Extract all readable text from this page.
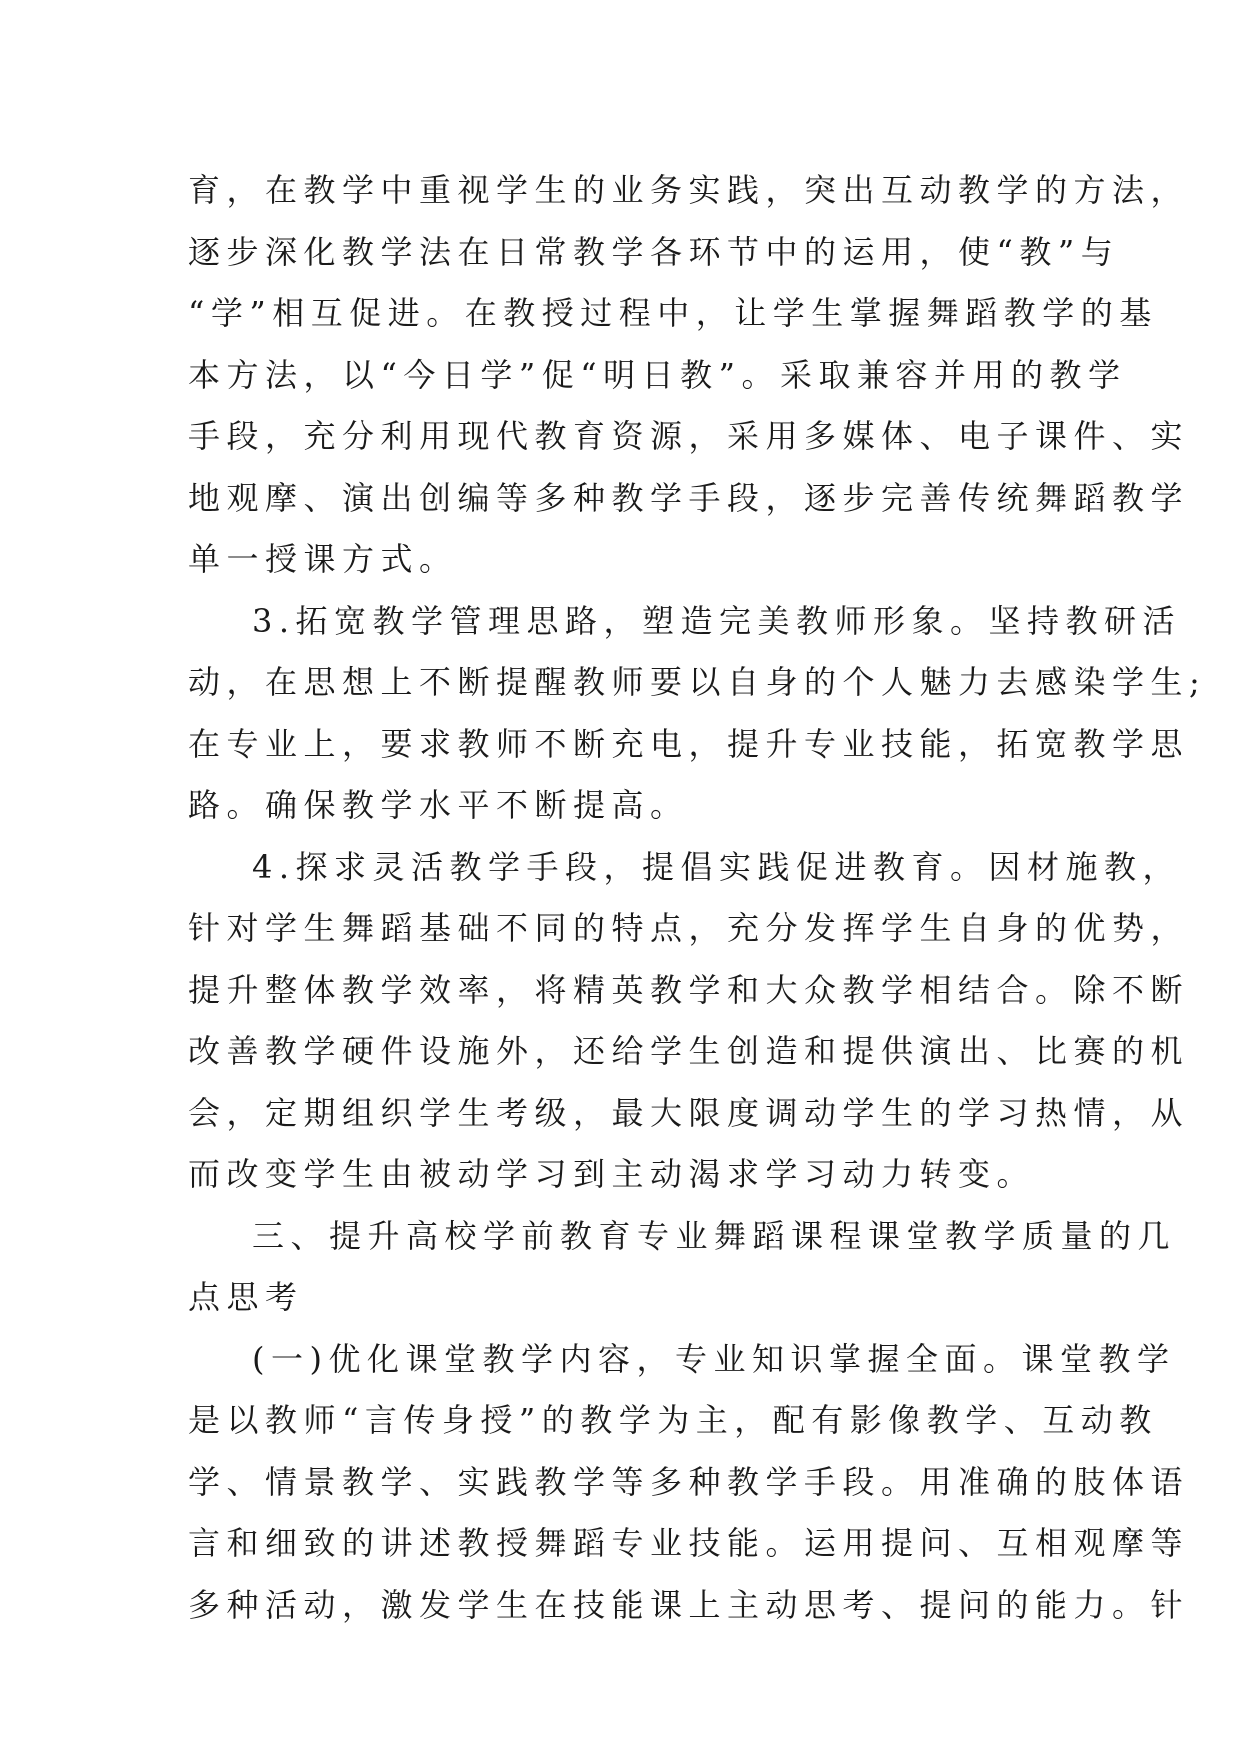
育，在教学中重视学生的业务实践，突出互动教学的方法，
逐步深化教学法在日常教学各环节中的运用，使“教”与
“学”相互促进。在教授过程中，让学生掌握舞蹈教学的基
本方法，以“今日学”促“明日教”。采取兼容并用的教学
手段，充分利用现代教育资源，采用多媒体、电子课件、实
地观摩、演出创编等多种教学手段，逐步完善传统舞蹈教学
单一授课方式。
3.拓宽教学管理思路，塑造完美教师形象。坚持教研活
动，在思想上不断提醒教师要以自身的个人魅力去感染学生;
在专业上，要求教师不断充电，提升专业技能，拓宽教学思
路。确保教学水平不断提高。
4.探求灵活教学手段，提倡实践促进教育。因材施教，
针对学生舞蹈基础不同的特点，充分发挥学生自身的优势，
提升整体教学效率，将精英教学和大众教学相结合。除不断
改善教学硬件设施外，还给学生创造和提供演出、比赛的机
会，定期组织学生考级，最大限度调动学生的学习热情，从
而改变学生由被动学习到主动渴求学习动力转变。
三、提升高校学前教育专业舞蹈课程课堂教学质量的几
点思考
(一)优化课堂教学内容，专业知识掌握全面。课堂教学
是以教师“言传身授”的教学为主，配有影像教学、互动教
学、情景教学、实践教学等多种教学手段。用准确的肢体语
言和细致的讲述教授舞蹈专业技能。运用提问、互相观摩等
多种活动，激发学生在技能课上主动思考、提问的能力。针
